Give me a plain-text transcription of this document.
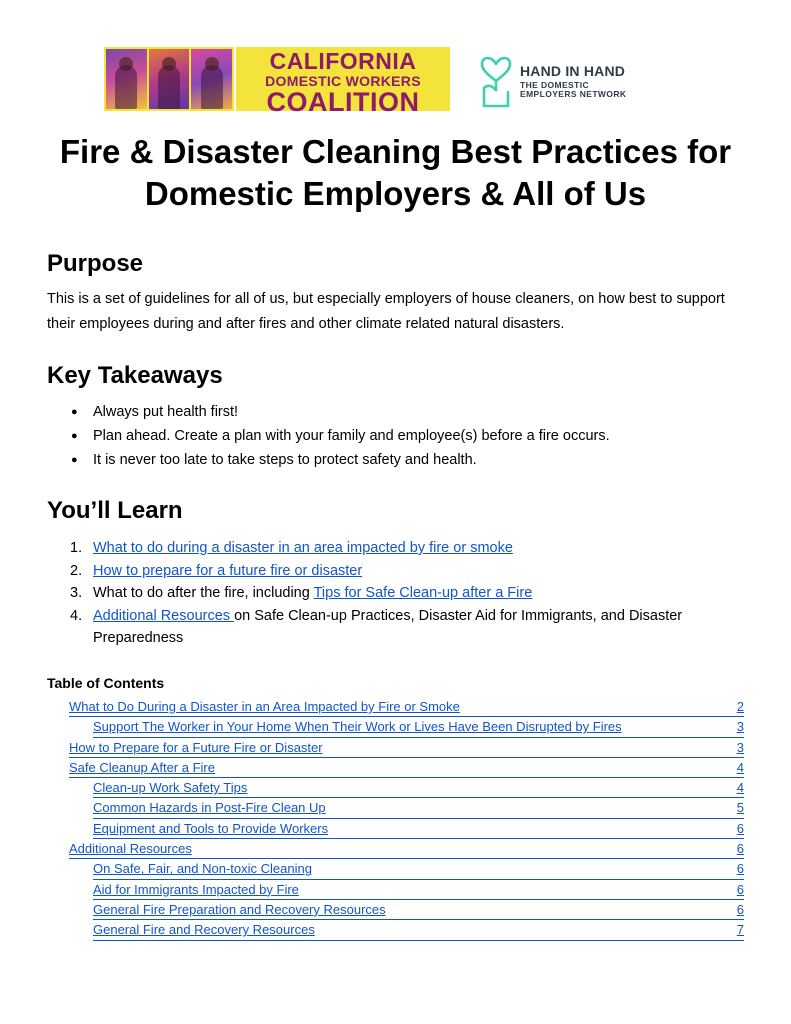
CALIFORNIA
DOMESTIC WORKERS
COALITION
HAND IN HAND
THE DOMESTIC
EMPLOYERS NETWORK
Fire & Disaster Cleaning Best Practices for
Domestic Employers & All of Us
Purpose
This is a set of guidelines for all of us, but especially employers of house cleaners, on how best to support their employees during and after fires and other climate related natural disasters.
Key Takeaways
● Always put health first!
● Plan ahead. Create a plan with your family and employee(s) before a fire occurs.
● It is never too late to take steps to protect safety and health.
You’ll Learn
1. What to do during a disaster in an area impacted by fire or smoke
2. How to prepare for a future fire or disaster
3. What to do after the fire, including Tips for Safe Clean-up after a Fire
4. Additional Resources on Safe Clean-up Practices, Disaster Aid for Immigrants, and Disaster Preparedness
Table of Contents
What to Do During a Disaster in an Area Impacted by Fire or Smoke	2
Support The Worker in Your Home When Their Work or Lives Have Been Disrupted by Fires	3
How to Prepare for a Future Fire or Disaster	3
Safe Cleanup After a Fire	4
Clean-up Work Safety Tips	4
Common Hazards in Post-Fire Clean Up	5
Equipment and Tools to Provide Workers	6
Additional Resources	6
On Safe, Fair, and Non-toxic Cleaning	6
Aid for Immigrants Impacted by Fire	6
General Fire Preparation and Recovery Resources	6
General Fire and Recovery Resources	7
